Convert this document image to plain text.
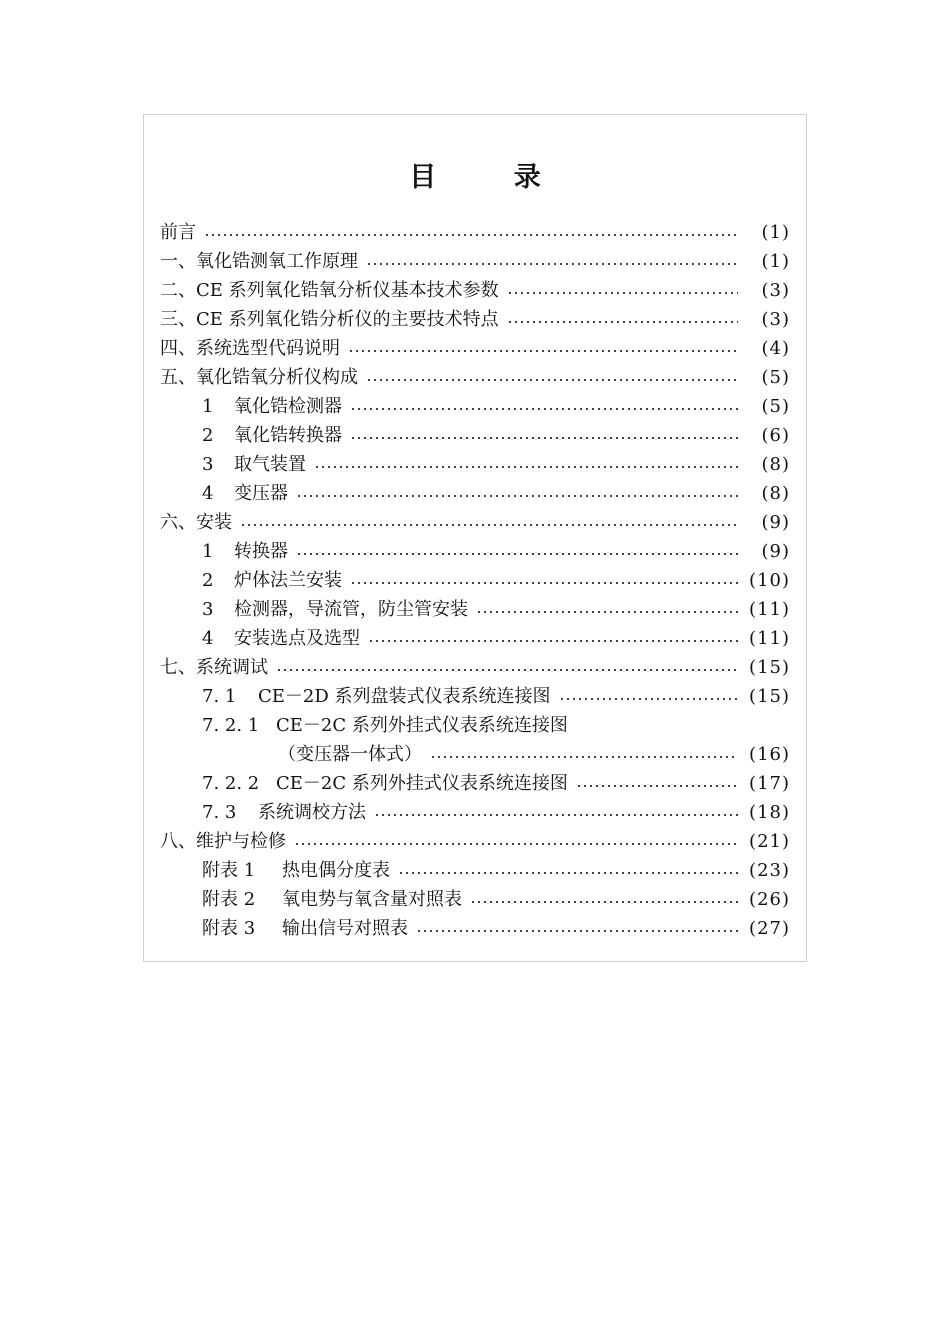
目 录
前言	(1)
一、氧化锆测氧工作原理	(1)
二、CE 系列氧化锆氧分析仪基本技术参数	(3)
三、CE 系列氧化锆分析仪的主要技术特点	(3)
四、系统选型代码说明	(4)
五、氧化锆氧分析仪构成	(5)
1	氧化锆检测器	(5)
2	氧化锆转换器	(6)
3	取气装置	(8)
4	变压器	(8)
六、安装	(9)
1	转换器	(9)
2	炉体法兰安装	(10)
3	检测器，导流管，防尘管安装	(11)
4	安装选点及选型	(11)
七、系统调试	(15)
7. 1	CE－2D 系列盘装式仪表系统连接图	(15)
7. 2. 1 CE－2C 系列外挂式仪表系统连接图
（变压器一体式）	(16)
7. 2. 2 CE－2C 系列外挂式仪表系统连接图	(17)
7. 3	系统调校方法	(18)
八、维护与检修	(21)
附表 1	热电偶分度表	(23)
附表 2	氧电势与氧含量对照表	(26)
附表 3	输出信号对照表	(27)
